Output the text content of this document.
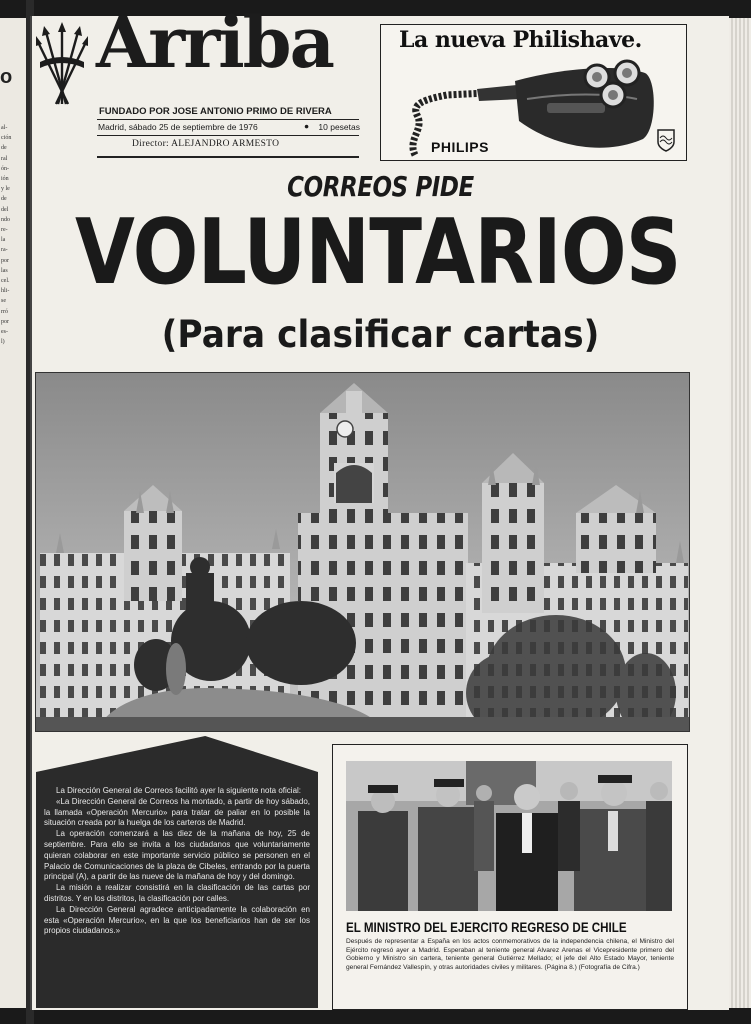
o
al-
ción
de
ral
ón-
ión
y le
de
del
ndo
re-
la
ra-
por
las
cel.
hli-
se
rró
por
es-
l)
Arriba
FUNDADO POR JOSE ANTONIO PRIMO DE RIVERA
Madrid, sábado 25 de septiembre de 1976	● 10 pesetas
Director: ALEJANDRO ARMESTO
La nueva Philishave.
PHILIPS
CORREOS PIDE
VOLUNTARIOS
(Para clasificar cartas)

La Dirección General de Correos facilitó ayer la siguiente nota oficial:

«La Dirección General de Correos ha montado, a partir de hoy sábado, la llamada «Operación Mercurio» para tratar de paliar en lo posible la situación creada por la huelga de los carteros de Madrid.

La operación comenzará a las diez de la mañana de hoy, 25 de septiembre. Para ello se invita a los ciudadanos que voluntariamente quieran colaborar en este importante servicio público se personen en el Palacio de Comunicaciones de la plaza de Cibeles, entrando por la puerta principal (A), a partir de las nueve de la mañana de hoy y del domingo.

La misión a realizar consistirá en la clasificación de las cartas por distritos. Y en los distritos, la clasificación por calles.

La Dirección General agradece anticipadamente la colaboración en esta «Operación Mercurio», en la que los beneficiarios han de ser los propios ciudadanos.»	EL MINISTRO DEL EJERCITO REGRESO DE CHILE
Después de representar a España en los actos conmemorativos de la independencia chilena, el Ministro del Ejército regresó ayer a Madrid. Esperaban al teniente general Alvarez Arenas el Vicepresidente primero del Gobierno y Ministro sin cartera, teniente general Gutiérrez Mellado; el jefe del Alto Estado Mayor, teniente general Fernández Vallespín, y otras autoridades civiles y militares. (Página 8.) (Fotografía de Cifra.)
